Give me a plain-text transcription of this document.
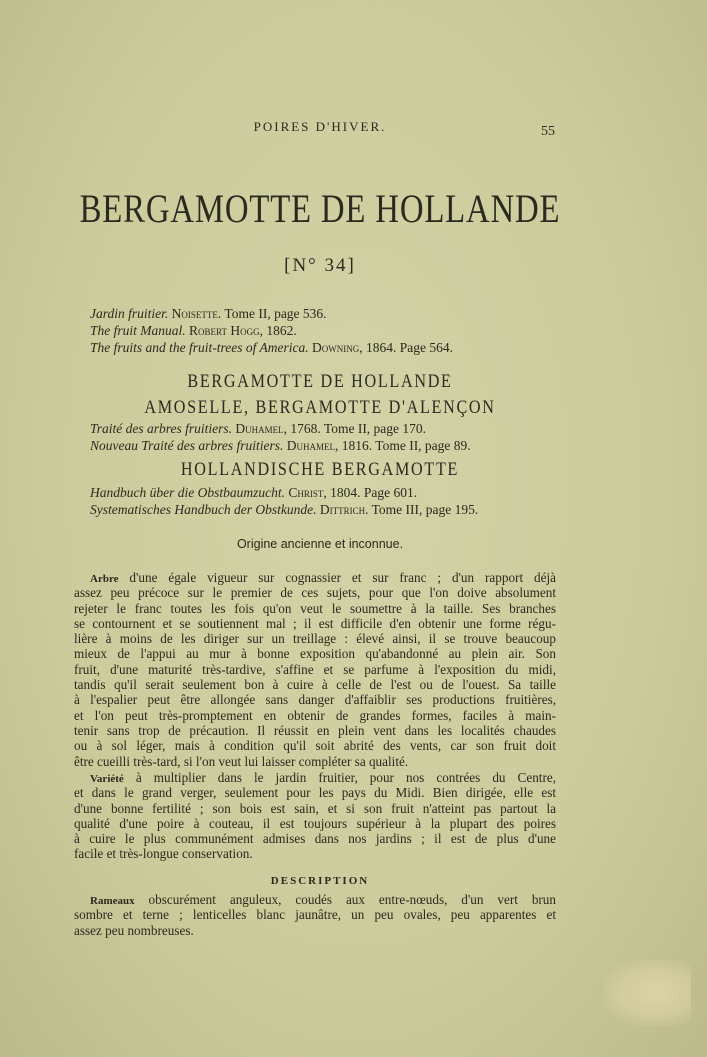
POIRES D'HIVER.	55
BERGAMOTTE DE HOLLANDE
[N° 34]
Jardin fruitier. Noisette. Tome II, page 536.
The fruit Manual. Robert Hogg, 1862.
The fruits and the fruit-trees of America. Downing, 1864. Page 564.
Traité des arbres fruitiers. Duhamel, 1768. Tome II, page 170.
Nouveau Traité des arbres fruitiers. Duhamel, 1816. Tome II, page 89.
Handbuch über die Obstbaumzucht. Christ, 1804. Page 601.
Systematisches Handbuch der Obstkunde. Dittrich. Tome III, page 195.
BERGAMOTTE DE HOLLANDE
AMOSELLE, BERGAMOTTE D'ALENÇON
HOLLANDISCHE BERGAMOTTE
Origine ancienne et inconnue.
Arbre d'une égale vigueur sur cognassier et sur franc ; d'un rapport déjà
assez peu précoce sur le premier de ces sujets, pour que l'on doive absolument
rejeter le franc toutes les fois qu'on veut le soumettre à la taille. Ses branches
se contournent et se soutiennent mal ; il est difficile d'en obtenir une forme régu-
lière à moins de les diriger sur un treillage : élevé ainsi, il se trouve beaucoup
mieux de l'appui au mur à bonne exposition qu'abandonné au plein air. Son
fruit, d'une maturité très-tardive, s'affine et se parfume à l'exposition du midi,
tandis qu'il serait seulement bon à cuire à celle de l'est ou de l'ouest. Sa taille
à l'espalier peut être allongée sans danger d'affaiblir ses productions fruitières,
et l'on peut très-promptement en obtenir de grandes formes, faciles à main-
tenir sans trop de précaution. Il réussit en plein vent dans les localités chaudes
ou à sol léger, mais à condition qu'il soit abrité des vents, car son fruit doit
être cueilli très-tard, si l'on veut lui laisser compléter sa qualité.
Variété à multiplier dans le jardin fruitier, pour nos contrées du Centre,
et dans le grand verger, seulement pour les pays du Midi. Bien dirigée, elle est
d'une bonne fertilité ; son bois est sain, et si son fruit n'atteint pas partout la
qualité d'une poire à couteau, il est toujours supérieur à la plupart des poires
à cuire le plus communément admises dans nos jardins ; il est de plus d'une
facile et très-longue conservation.
DESCRIPTION
Rameaux obscurément anguleux, coudés aux entre-nœuds, d'un vert brun
sombre et terne ; lenticelles blanc jaunâtre, un peu ovales, peu apparentes et
assez peu nombreuses.
